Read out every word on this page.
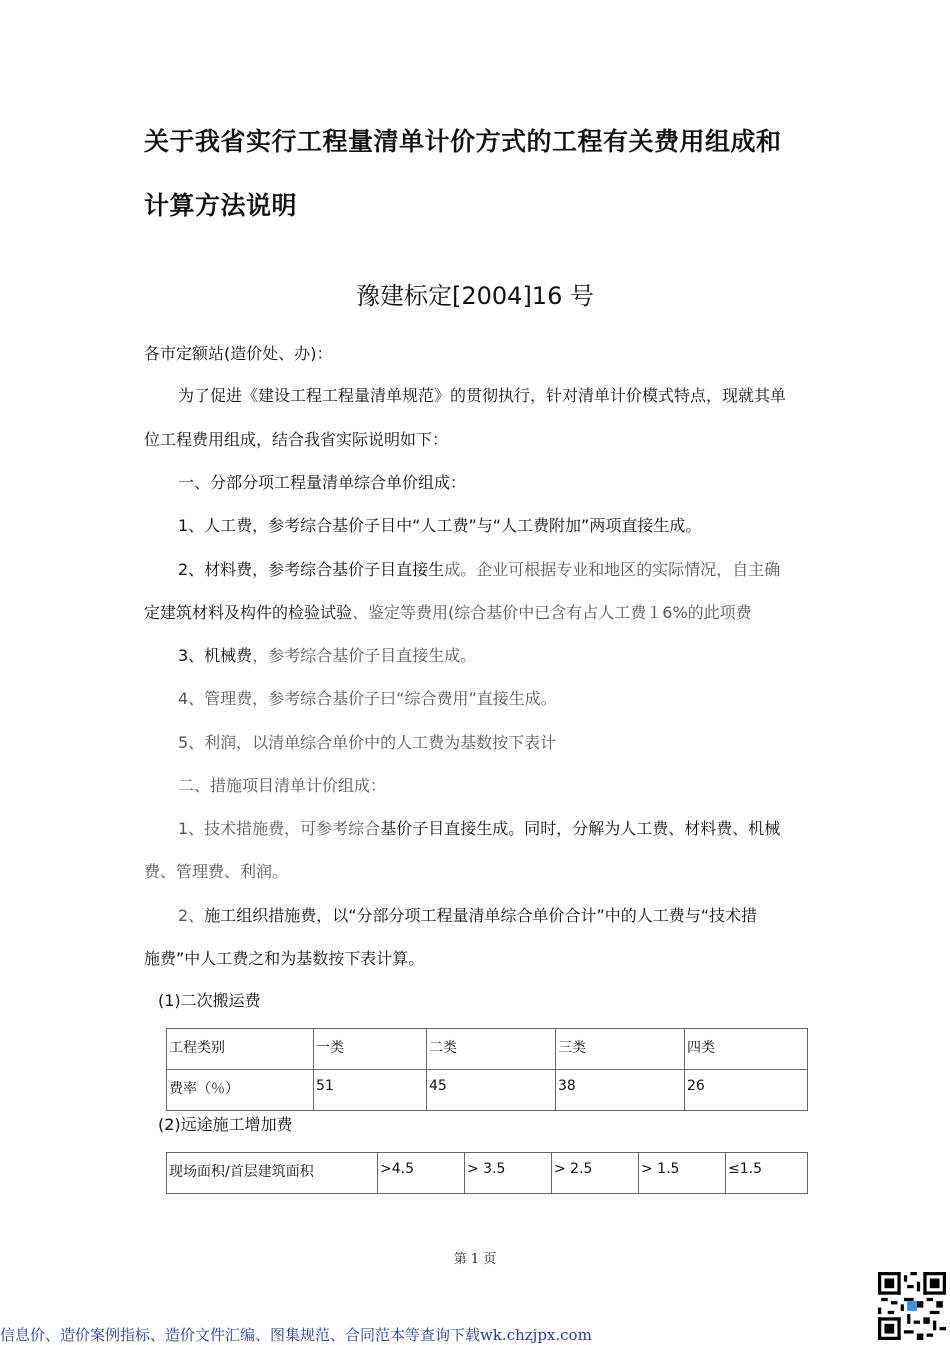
关于我省实行工程量清单计价方式的工程有关费用组成和
计算方法说明
豫建标定[2004]16 号

各市定额站(造价处、办)：

为了促进《建设工程工程量清单规范》的贯彻执行，针对清单计价模式特点，现就其单

位工程费用组成，结合我省实际说明如下：

一、分部分项工程量清单综合单价组成：

1、人工费，参考综合基价子目中“人工费”与“人工费附加”两项直接生成。

2、材料费，参考综合基价子目直接生成。企业可根据专业和地区的实际情况，自主确

定建筑材料及构件的检验试验、鉴定等费用(综合基价中已含有占人工费１6%的此项费

3、机械费，参考综合基价子目直接生成。

4、管理费，参考综合基价子曰“综合费用”直接生成。

5、利润，以清单综合单价中的人工费为基数按下表计

二、措施项目清单计价组成：

1、技术措施费，可参考综合基价子目直接生成。同时，分解为人工费、材料费、机械

费、管理费、利润。

2、施工组织措施费，以“分部分项工程量清单综合单价合计”中的人工费与“技术措

施费”中人工费之和为基数按下表计算。

(1)二次搬运费

工程类别	一类	二类	三类	四类
费率（％）	51	45	38	26

(2)远途施工增加费

现场面积/首层建筑面积	>4.5	> 3.5	> 2.5	> 1.5	≤1.5
第 1 页
信息价、造价案例指标、造价文件汇编、图集规范、合同范本等查询下载wk.chzjpx.com
